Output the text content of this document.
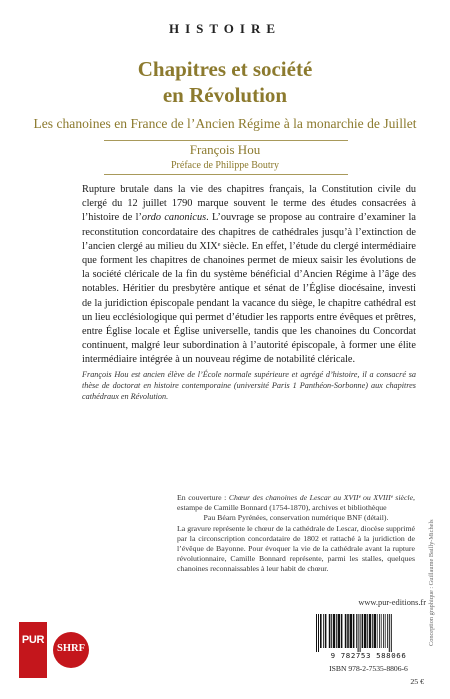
HISTOIRE
Chapitres et société
en Révolution
Les chanoines en France de l’Ancien Régime à la monarchie de Juillet
François Hou
Préface de Philippe Boutry
Rupture brutale dans la vie des chapitres français, la Constitution civile du clergé du 12 juillet 1790 marque souvent le terme des études consacrées à l’histoire de l’ordo canonicus. L’ouvrage se propose au contraire d’examiner la reconstitution concordataire des chapitres de cathédrales jusqu’à l’extinction de l’ancien clergé au milieu du XIXᵉ siècle. En effet, l’étude du clergé intermédiaire que forment les chapitres de chanoines permet de mieux saisir les évolutions de la société cléricale de la fin du système bénéficial d’Ancien Régime à l’âge des notables. Héritier du presbytère antique et sénat de l’Église diocésaine, investi de la juridiction épiscopale pendant la vacance du siège, le chapitre cathédral est un lieu ecclésiologique qui permet d’étudier les rapports entre évêques et prêtres, entre Église locale et Église universelle, tandis que les chanoines du Concordat continuent, malgré leur subordination à l’autorité épiscopale, à former une élite intermédiaire intégrée à un nouveau régime de notabilité cléricale.
François Hou est ancien élève de l’École normale supérieure et agrégé d’histoire, il a consacré sa thèse de doctorat en histoire contemporaine (université Paris 1 Panthéon-Sorbonne) aux chapitres cathédraux en Révolution.

En couverture : Chœur des chanoines de Lescar au XVIIᵉ ou XVIIIᵉ siècle, estampe de Camille Bonnard (1754-1870), archives et bibliothèque

Pau Béarn Pyrénées, conservation numérique BNF (détail).

La gravure représente le chœur de la cathédrale de Lescar, diocèse supprimé par la circonscription concordataire de 1802 et rattaché à la juridiction de l’évêque de Bayonne. Pour évoquer la vie de la cathédrale avant la rupture révolutionnaire, Camille Bonnard représente, parmi les stalles, quelques chanoines reconnaissables à leur habit de chœur.	Conception graphique : Guillaume Bailly-Michels
www.pur-editions.fr
9 782753 588066
ISBN 978-2-7535-8806-6
25 €
PUR
SHRF
